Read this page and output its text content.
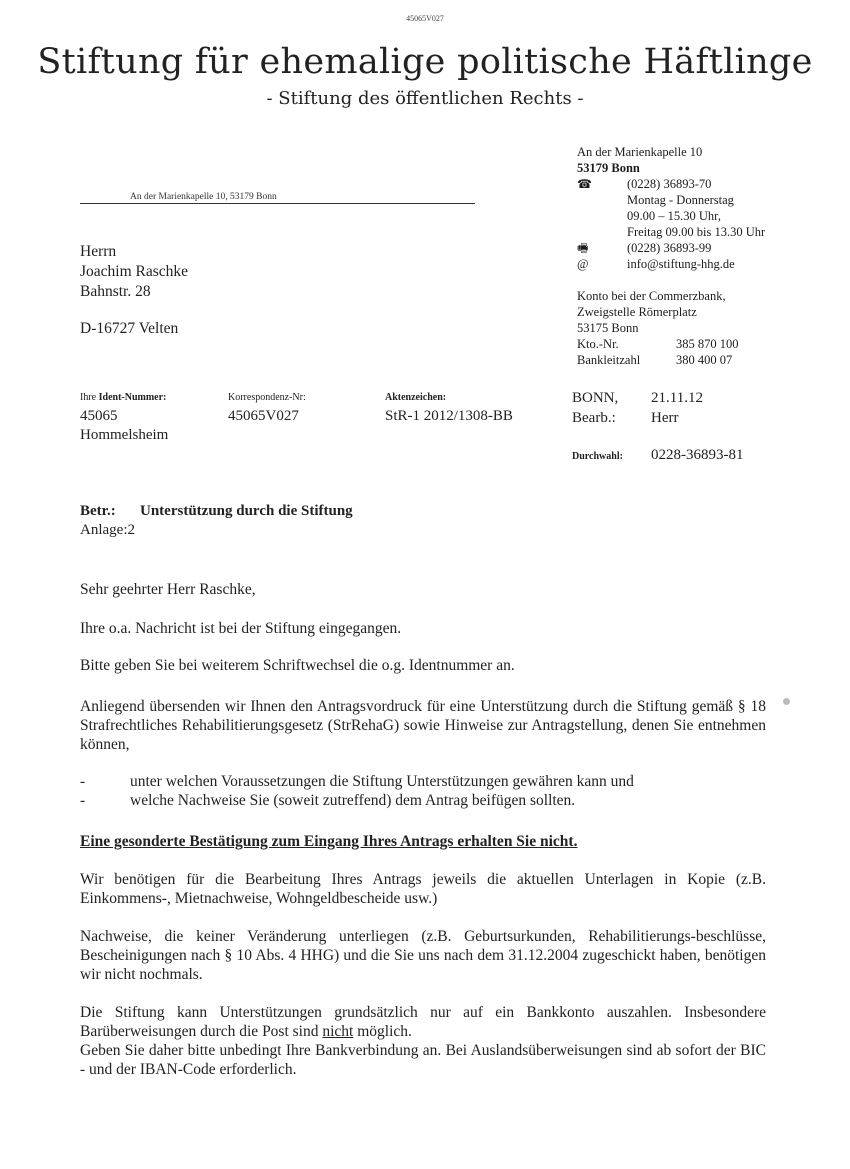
45065V027
Stiftung für ehemalige politische Häftlinge
- Stiftung des öffentlichen Rechts -
An der Marienkapelle 10, 53179 Bonn
An der Marienkapelle 10
53179 Bonn
☎	(0228) 36893-70
Montag - Donnerstag
09.00 – 15.30 Uhr,
Freitag 09.00 bis 13.30 Uhr
🖷	(0228) 36893-99
@	info@stiftung-hhg.de
Konto bei der Commerzbank,
Zweigstelle Römerplatz
53175 Bonn
Kto.-Nr.	385 870 100
Bankleitzahl	380 400 07
Herrn
Joachim Raschke
Bahnstr. 28
D-16727 Velten
Ihre Ident-Nummer:
45065
Hommelsheim
Korrespondenz-Nr:
45065V027
Aktenzeichen:
StR-1 2012/1308-BB
BONN, 21.11.12
Bearb.: Herr
Durchwahl: 0228-36893-81
Betr.: Unterstützung durch die Stiftung
Anlage:2
Sehr geehrter Herr Raschke,
Ihre o.a. Nachricht ist bei der Stiftung eingegangen.
Bitte geben Sie bei weiterem Schriftwechsel die o.g. Identnummer an.
Anliegend übersenden wir Ihnen den Antragsvordruck für eine Unterstützung durch die Stiftung gemäß § 18 Strafrechtliches Rehabilitierungsgesetz (StrRehaG) sowie Hinweise zur Antragstellung, denen Sie entnehmen können,
-	unter welchen Voraussetzungen die Stiftung Unterstützungen gewähren kann und
-	welche Nachweise Sie (soweit zutreffend) dem Antrag beifügen sollten.
Eine gesonderte Bestätigung zum Eingang Ihres Antrags erhalten Sie nicht.
Wir benötigen für die Bearbeitung Ihres Antrags jeweils die aktuellen Unterlagen in Kopie (z.B. Einkommens-, Mietnachweise, Wohngeldbescheide usw.)
Nachweise, die keiner Veränderung unterliegen (z.B. Geburtsurkunden, Rehabilitierungs-beschlüsse, Bescheinigungen nach § 10 Abs. 4 HHG) und die Sie uns nach dem 31.12.2004 zugeschickt haben, benötigen wir nicht nochmals.
Die Stiftung kann Unterstützungen grundsätzlich nur auf ein Bankkonto auszahlen. Insbesondere Barüberweisungen durch die Post sind nicht möglich.
Geben Sie daher bitte unbedingt Ihre Bankverbindung an. Bei Auslandsüberweisungen sind ab sofort der BIC - und der IBAN-Code erforderlich.
